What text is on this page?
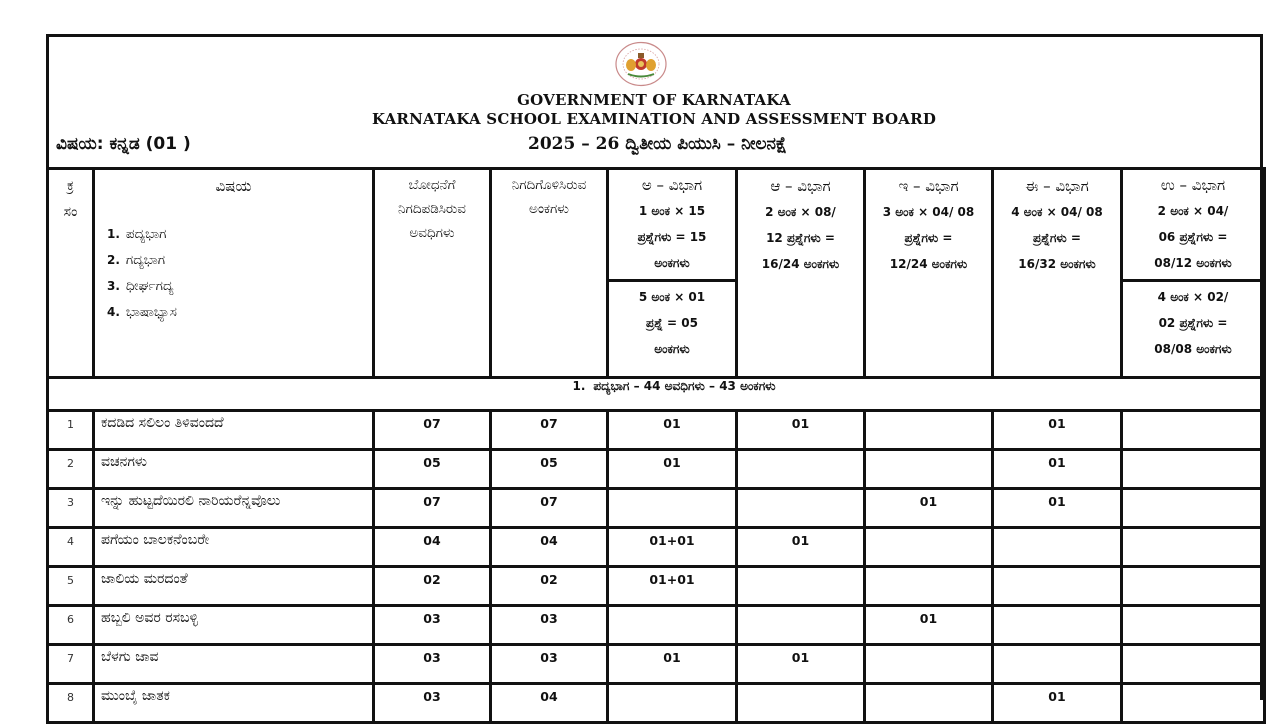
GOVERNMENT OF KARNATAKA
KARNATAKA SCHOOL EXAMINATION AND ASSESSMENT BOARD
ವಿಷಯ: ಕನ್ನಡ (01 )	2025 – 26 ದ್ವಿತೀಯ ಪಿಯುಸಿ – ನೀಲನಕ್ಷೆ
ಕ್ರ ಸಂ

ವಿಷಯ
1. ಪದ್ಯಭಾಗ
2. ಗದ್ಯಭಾಗ
3. ಧೀರ್ಘಗದ್ಯ
4. ಭಾಷಾಭ್ಯಾಸ

ಬೋಧನೆಗೆ ನಿಗದಿಪಡಿಸಿರುವ ಅವಧಿಗಳು

ನಿಗದಿಗೊಳಿಸಿರುವ ಅಂಕಗಳು

ಅ – ವಿಭಾಗ
1 ಅಂಕ × 15
ಪ್ರಶ್ನೆಗಳು = 15
ಅಂಕಗಳು
5 ಅಂಕ × 01
ಪ್ರಶ್ನೆ = 05
ಅಂಕಗಳು

ಆ – ವಿಭಾಗ
2 ಅಂಕ × 08/
12 ಪ್ರಶ್ನೆಗಳು =
16/24 ಅಂಕಗಳು

ಇ – ವಿಭಾಗ
3 ಅಂಕ × 04/ 08
ಪ್ರಶ್ನೆಗಳು =
12/24 ಅಂಕಗಳು

ಈ – ವಿಭಾಗ
4 ಅಂಕ × 04/ 08
ಪ್ರಶ್ನೆಗಳು =
16/32 ಅಂಕಗಳು

ಉ – ವಿಭಾಗ
2 ಅಂಕ × 04/
06 ಪ್ರಶ್ನೆಗಳು =
08/12 ಅಂಕಗಳು
4 ಅಂಕ × 02/
02 ಪ್ರಶ್ನೆಗಳು =
08/08 ಅಂಕಗಳು

1. ಪದ್ಯಭಾಗ – 44 ಅವಧಿಗಳು – 43 ಅಂಕಗಳು								
1	ಕದಡಿದ ಸಲಿಲಂ ತಿಳಿವಂದದೆ	07	07	01	01		01	
2	ವಚನಗಳು	05	05	01			01	
3	ಇನ್ನು ಹುಟ್ಟದೆಯಿರಲಿ ನಾರಿಯರೆನ್ನವೊಲು	07	07			01	01	
4	ಪಗೆಯಂ ಬಾಲಕನೆಂಬರೇ	04	04	01+01	01			
5	ಜಾಲಿಯ ಮರದಂತೆ	02	02	01+01				
6	ಹಬ್ಬಲಿ ಅವರ ರಸಬಳ್ಳಿ	03	03			01		
7	ಬೆಳಗು ಜಾವ	03	03	01	01			
8	ಮುಂಬೈ ಜಾತಕ	03	04				01	
